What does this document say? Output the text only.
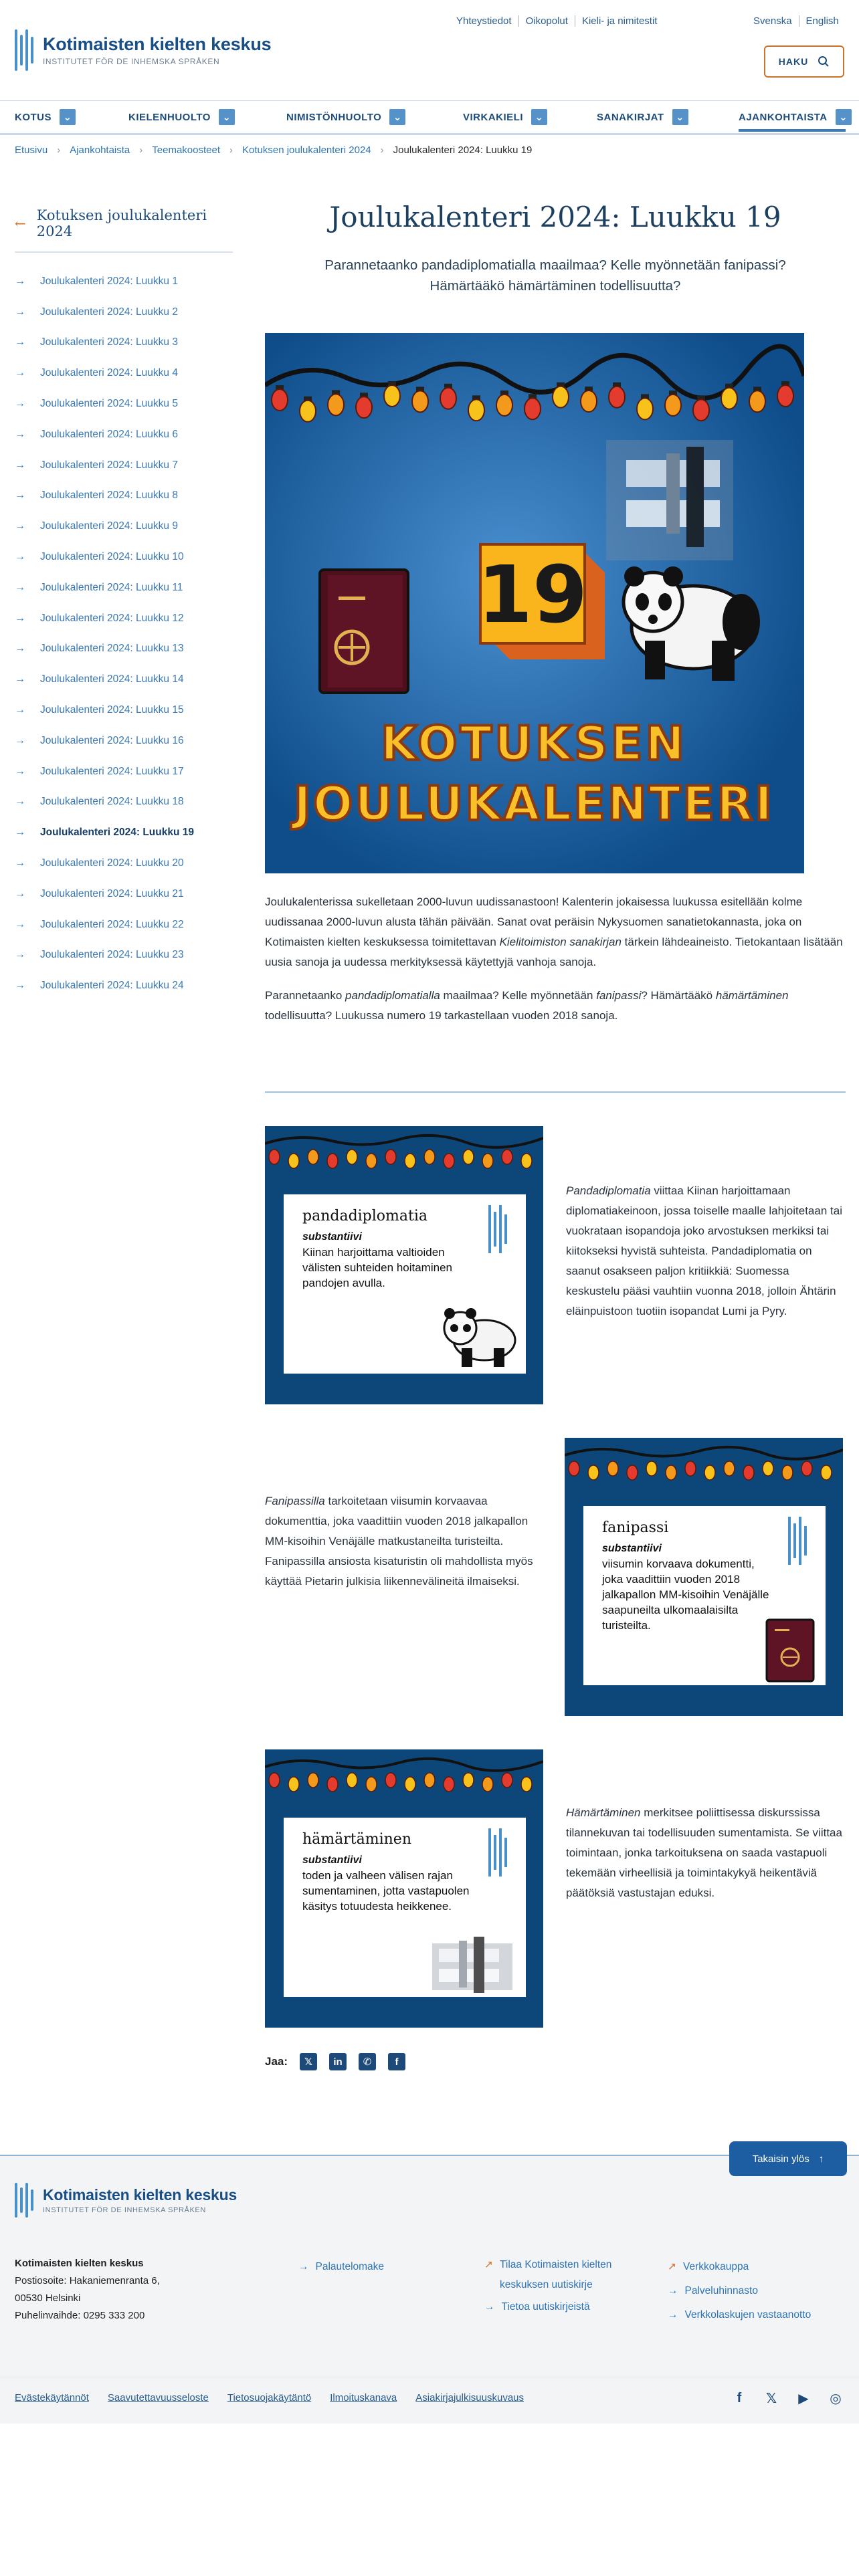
Kotimaisten kielten keskus
INSTITUTET FÖR DE INHEMSKA SPRÅKEN
Yhteystiedot	Oikopolut	Kieli- ja nimitestit	Svenska	English
HAKU
KOTUS	⌄	KIELENHUOLTO	⌄	NIMISTÖNHUOLTO	⌄	VIRKAKIELI	⌄	SANAKIRJAT	⌄	AJANKOHTAISTA	⌄
Etusivu › Ajankohtaista › Teemakoosteet › Kotuksen joulukalenteri 2024 › Joulukalenteri 2024: Luukku 19
← Kotuksen joulukalenteri 2024
→ Joulukalenteri 2024: Luukku 1
→ Joulukalenteri 2024: Luukku 2
→ Joulukalenteri 2024: Luukku 3
→ Joulukalenteri 2024: Luukku 4
→ Joulukalenteri 2024: Luukku 5
→ Joulukalenteri 2024: Luukku 6
→ Joulukalenteri 2024: Luukku 7
→ Joulukalenteri 2024: Luukku 8
→ Joulukalenteri 2024: Luukku 9
→ Joulukalenteri 2024: Luukku 10
→ Joulukalenteri 2024: Luukku 11
→ Joulukalenteri 2024: Luukku 12
→ Joulukalenteri 2024: Luukku 13
→ Joulukalenteri 2024: Luukku 14
→ Joulukalenteri 2024: Luukku 15
→ Joulukalenteri 2024: Luukku 16
→ Joulukalenteri 2024: Luukku 17
→ Joulukalenteri 2024: Luukku 18
→ Joulukalenteri 2024: Luukku 19
→ Joulukalenteri 2024: Luukku 20
→ Joulukalenteri 2024: Luukku 21
→ Joulukalenteri 2024: Luukku 22
→ Joulukalenteri 2024: Luukku 23
→ Joulukalenteri 2024: Luukku 24
Joulukalenteri 2024: Luukku 19
Parannetaanko pandadiplomatialla maailmaa? Kelle myönnetään fanipassi? Hämärtääkö hämärtäminen todellisuutta?
19
KOTUKSEN
JOULUKALENTERI

Joulukalenterissa sukelletaan 2000-luvun uudissanastoon! Kalenterin jokaisessa luukussa esitellään kolme uudissanaa 2000-luvun alusta tähän päivään. Sanat ovat peräisin Nykysuomen sanatietokannasta, joka on Kotimaisten kielten keskuksessa toimitettavan Kielitoimiston sanakirjan tärkein lähdeaineisto. Tietokantaan lisätään uusia sanoja ja uudessa merkityksessä käytettyjä vanhoja sanoja.

Parannetaanko pandadiplomatialla maailmaa? Kelle myönnetään fanipassi? Hämärtääkö hämärtäminen todellisuutta? Luukussa numero 19 tarkastellaan vuoden 2018 sanoja.

pandadiplomatia
substantiivi
Kiinan harjoittama valtioiden välisten suhteiden hoitaminen pandojen avulla.
Pandadiplomatia viittaa Kiinan harjoittamaan diplomatiakeinoon, jossa toiselle maalle lahjoitetaan tai vuokrataan isopandoja joko arvostuksen merkiksi tai kiitokseksi hyvistä suhteista. Pandadiplomatia on saanut osakseen paljon kritiikkiä: Suomessa keskustelu pääsi vauhtiin vuonna 2018, jolloin Ähtärin eläinpuistoon tuotiin isopandat Lumi ja Pyry.
fanipassi
substantiivi
viisumin korvaava dokumentti, joka vaadittiin vuoden 2018 jalkapallon MM-kisoihin Venäjälle saapuneilta ulkomaalaisilta turisteilta.
Fanipassilla tarkoitetaan viisumin korvaavaa dokumenttia, joka vaadittiin vuoden 2018 jalkapallon MM-kisoihin Venäjälle matkustaneilta turisteilta. Fanipassilla ansiosta kisaturistin oli mahdollista myös käyttää Pietarin julkisia liikennevälineitä ilmaiseksi.
hämärtäminen
substantiivi
toden ja valheen välisen rajan sumentaminen, jotta vastapuolen käsitys totuudesta heikkenee.
Hämärtäminen merkitsee poliittisessa diskurssissa tilannekuvan tai todellisuuden sumentamista. Se viittaa toimintaan, jonka tarkoituksena on saada vastapuoli tekemään virheellisiä ja toimintakykyä heikentäviä päätöksiä vastustajan eduksi.
Jaa:	𝕏	in	✆	f
Takaisin ylös ↑
Kotimaisten kielten keskus
INSTITUTET FÖR DE INHEMSKA SPRÅKEN
Kotimaisten kielten keskus
Postiosoite: Hakaniemenranta 6,
00530 Helsinki
Puhelinvaihde: 0295 333 200
→ Palautelomake	↗ Tilaa Kotimaisten kielten keskuksen uutiskirje
→ Tietoa uutiskirjeistä
↗ Verkkokauppa
→ Palveluhinnasto
→ Verkkolaskujen vastaanotto
Evästekäytännöt Saavutettavuusseloste Tietosuojakäytäntö Ilmoituskanava Asiakirjajulkisuuskuvaus	f	𝕏 ▶ ◎
